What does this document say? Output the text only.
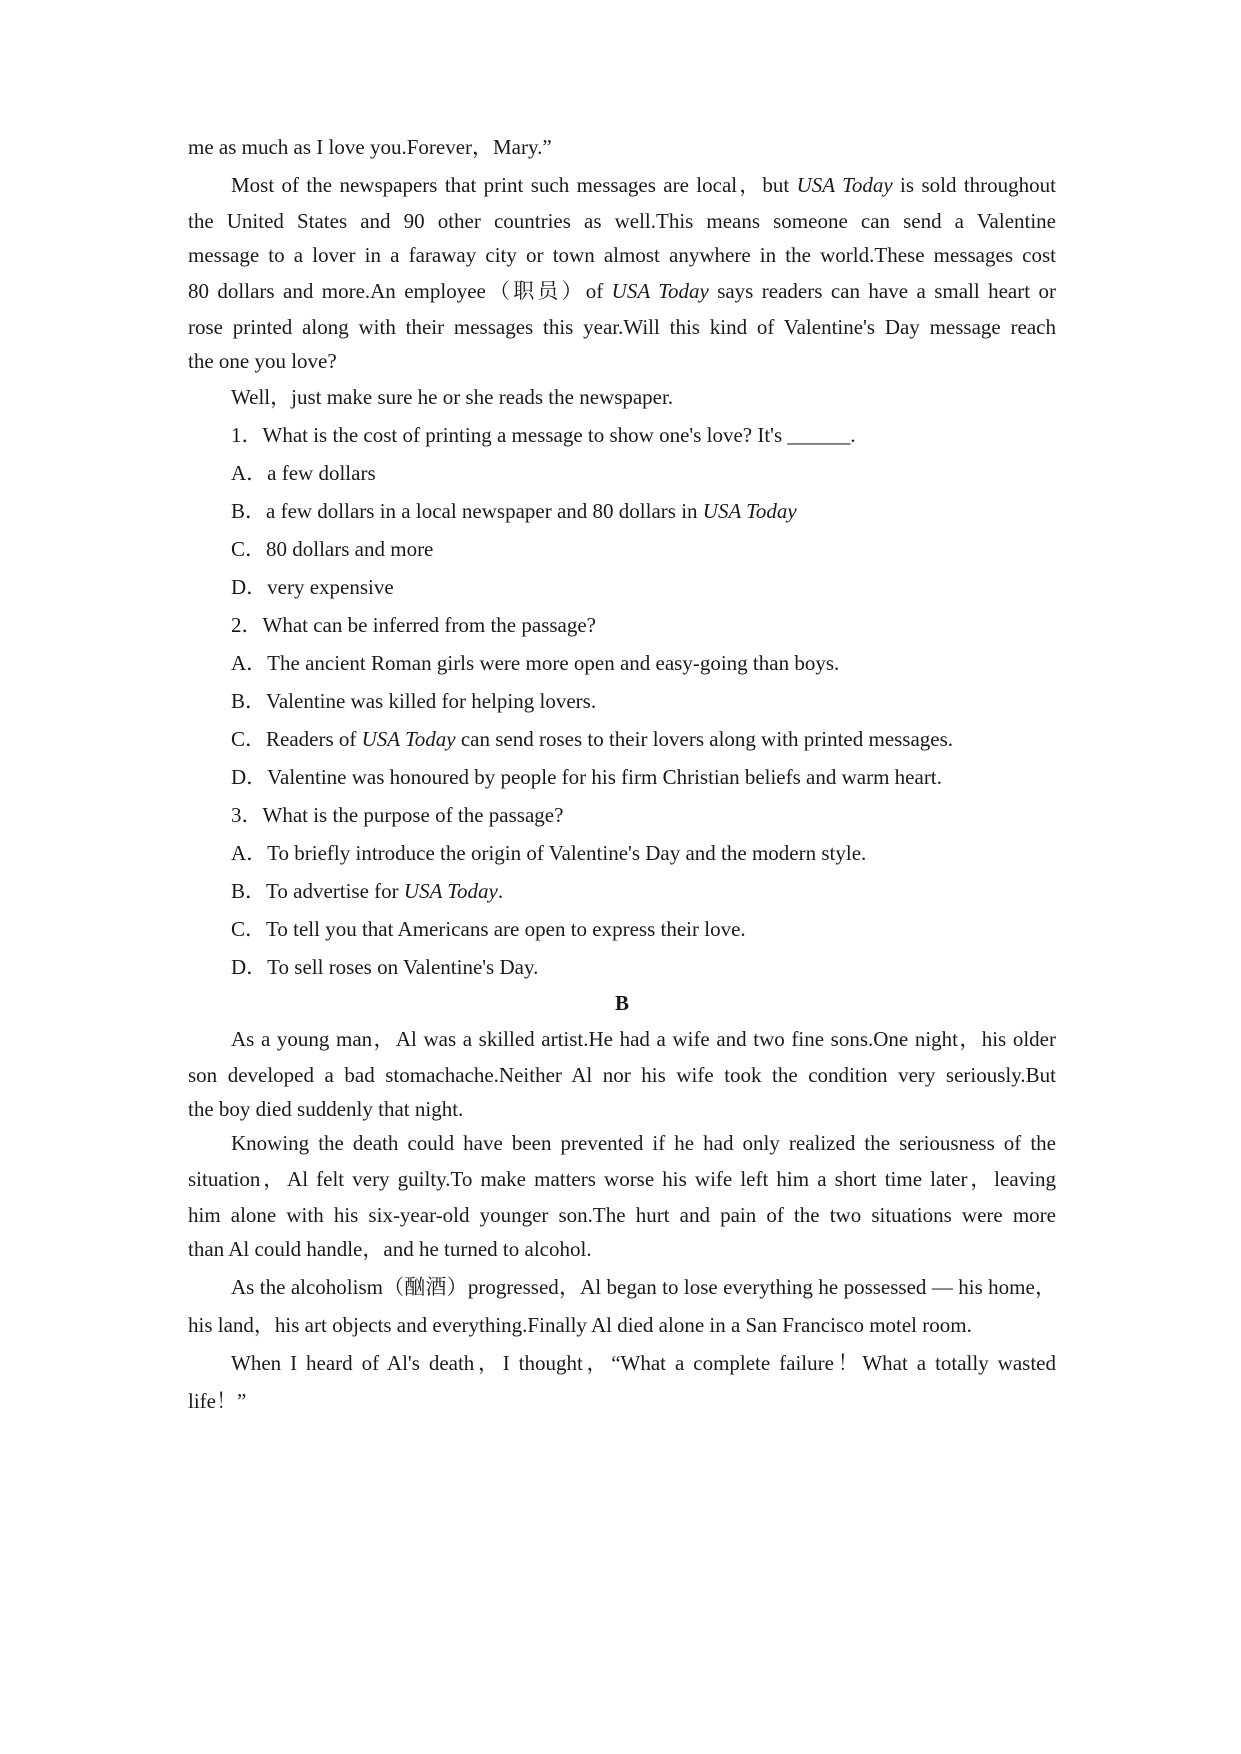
me as much as I love you.Forever，Mary.”
Most of the newspapers that print such messages are local，but USA Today is sold throughout
the United States and 90 other countries as well.This means someone can send a Valentine
message to a lover in a faraway city or town almost anywhere in the world.These messages cost
80 dollars and more.An employee（职员）of USA Today says readers can have a small heart or
rose printed along with their messages this year.Will this kind of Valentine's Day message reach
the one you love?
Well，just make sure he or she reads the newspaper.
1．What is the cost of printing a message to show one's love? It's ______.
A．a few dollars
B．a few dollars in a local newspaper and 80 dollars in USA Today
C．80 dollars and more
D．very expensive
2．What can be inferred from the passage?
A．The ancient Roman girls were more open and easy-going than boys.
B．Valentine was killed for helping lovers.
C．Readers of USA Today can send roses to their lovers along with printed messages.
D．Valentine was honoured by people for his firm Christian beliefs and warm heart.
3．What is the purpose of the passage?
A．To briefly introduce the origin of Valentine's Day and the modern style.
B．To advertise for USA Today.
C．To tell you that Americans are open to express their love.
D．To sell roses on Valentine's Day.
B
As a young man，Al was a skilled artist.He had a wife and two fine sons.One night，his older
son developed a bad stomachache.Neither Al nor his wife took the condition very seriously.But
the boy died suddenly that night.
Knowing the death could have been prevented if he had only realized the seriousness of the
situation，Al felt very guilty.To make matters worse his wife left him a short time later，leaving
him alone with his six-year-old younger son.The hurt and pain of the two situations were more
than Al could handle，and he turned to alcohol.
As the alcoholism（酗酒）progressed，Al began to lose everything he possessed — his home，
his land，his art objects and everything.Finally Al died alone in a San Francisco motel room.
When I heard of Al's death，I thought，“What a complete failure！What a totally wasted
life！”
